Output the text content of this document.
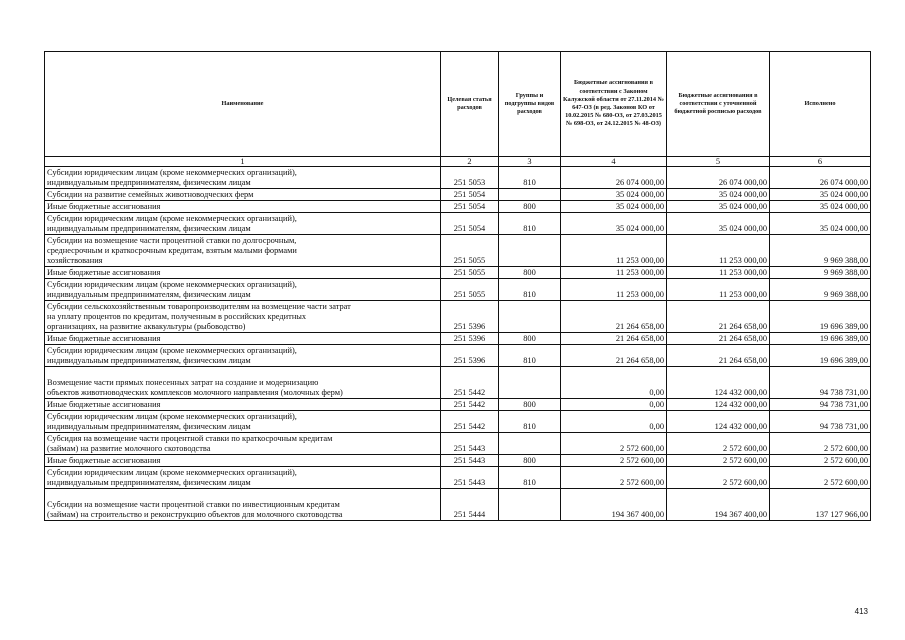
Наименование	Целевая статья расходов	Группы и подгруппы видов расходов	Бюджетные ассигнования в соответствии с Законом Калужской области от 27.11.2014 № 647-ОЗ (в ред. Законов КО от 10.02.2015 № 680-ОЗ, от 27.03.2015 № 698-ОЗ, от 24.12.2015 № 48-ОЗ)	Бюджетные ассигнования в соответствии с уточненной бюджетной росписью расходов	Исполнено
1	2	3	4	5	6

Субсидии юридическим лицам (кроме некоммерческих организаций),
индивидуальным предпринимателям, физическим лицам	251 5053	810	26 074 000,00	26 074 000,00	26 074 000,00

Субсидии на развитие семейных животноводческих ферм	251 5054		35 024 000,00	35 024 000,00	35 024 000,00

Иные бюджетные ассигнования	251 5054	800	35 024 000,00	35 024 000,00	35 024 000,00

Субсидии юридическим лицам (кроме некоммерческих организаций),
индивидуальным предпринимателям, физическим лицам	251 5054	810	35 024 000,00	35 024 000,00	35 024 000,00

Субсидии на возмещение части процентной ставки по долгосрочным,
среднесрочным и краткосрочным кредитам, взятым малыми формами
хозяйствования	251 5055		11 253 000,00	11 253 000,00	9 969 388,00

Иные бюджетные ассигнования	251 5055	800	11 253 000,00	11 253 000,00	9 969 388,00

Субсидии юридическим лицам (кроме некоммерческих организаций),
индивидуальным предпринимателям, физическим лицам	251 5055	810	11 253 000,00	11 253 000,00	9 969 388,00

Субсидии сельскохозяйственным товаропроизводителям на возмещение части затрат
на уплату процентов по кредитам, полученным в российских кредитных
организациях, на развитие аквакультуры (рыбоводство)	251 5396		21 264 658,00	21 264 658,00	19 696 389,00

Иные бюджетные ассигнования	251 5396	800	21 264 658,00	21 264 658,00	19 696 389,00

Субсидии юридическим лицам (кроме некоммерческих организаций),
индивидуальным предпринимателям, физическим лицам	251 5396	810	21 264 658,00	21 264 658,00	19 696 389,00

Возмещение части прямых понесенных затрат на создание и модернизацию
объектов животноводческих комплексов молочного направления (молочных ферм)	251 5442		0,00	124 432 000,00	94 738 731,00

Иные бюджетные ассигнования	251 5442	800	0,00	124 432 000,00	94 738 731,00

Субсидии юридическим лицам (кроме некоммерческих организаций),
индивидуальным предпринимателям, физическим лицам	251 5442	810	0,00	124 432 000,00	94 738 731,00

Субсидия на возмещение части процентной ставки по краткосрочным кредитам
(займам) на развитие молочного скотоводства	251 5443		2 572 600,00	2 572 600,00	2 572 600,00

Иные бюджетные ассигнования	251 5443	800	2 572 600,00	2 572 600,00	2 572 600,00

Субсидии юридическим лицам (кроме некоммерческих организаций),
индивидуальным предпринимателям, физическим лицам	251 5443	810	2 572 600,00	2 572 600,00	2 572 600,00

Субсидии на возмещение части процентной ставки по инвестиционным кредитам
(займам) на строительство и реконструкцию объектов для молочного скотоводства	251 5444		194 367 400,00	194 367 400,00	137 127 966,00
413
